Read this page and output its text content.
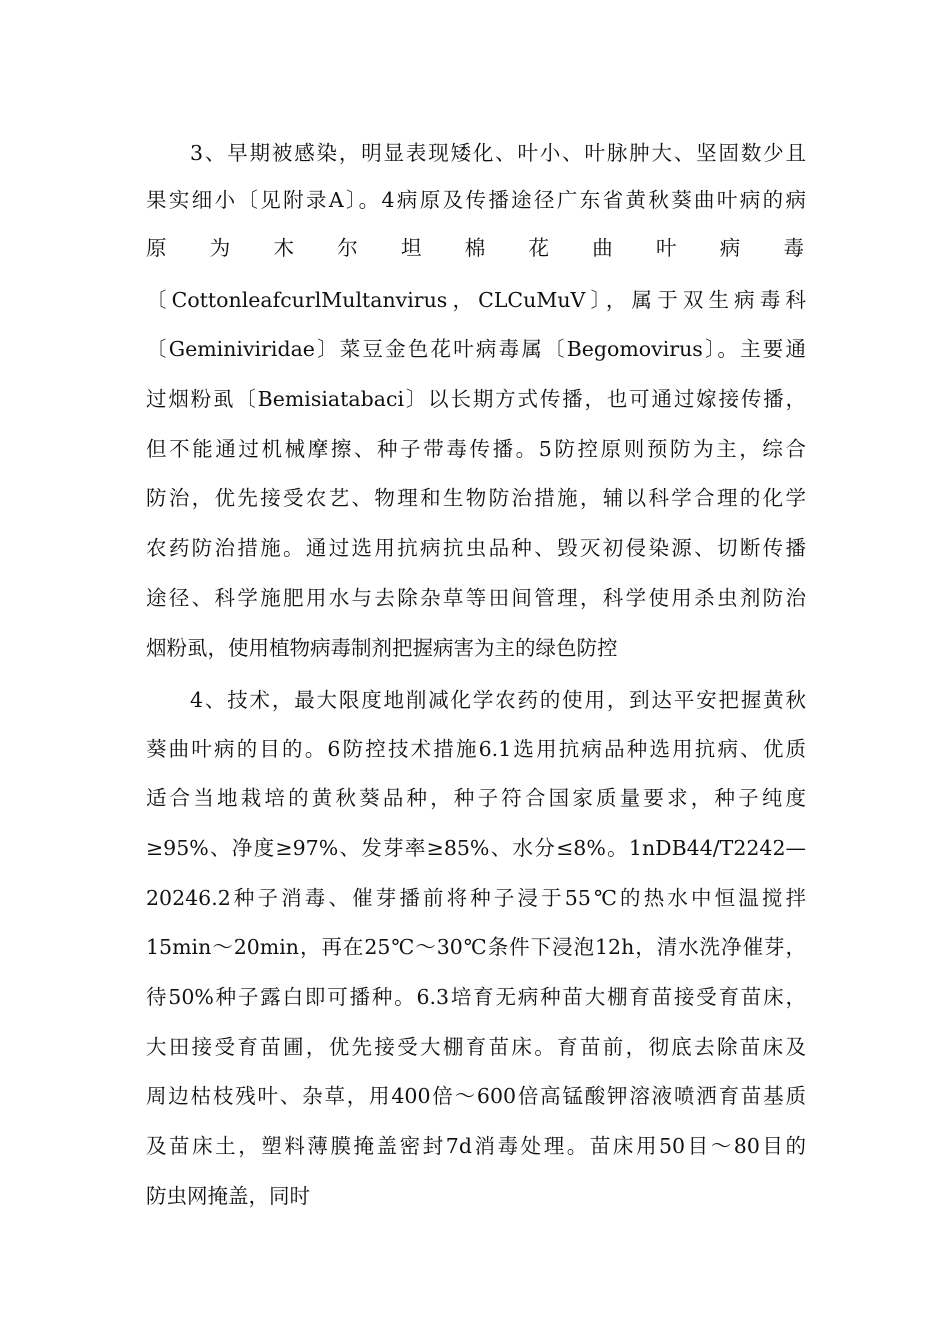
3、早期被感染，明显表现矮化、叶小、叶脉肿大、坚固数少且
果实细小〔见附录A〕。4病原及传播途径广东省黄秋葵曲叶病的病
原为木尔坦棉花曲叶病毒
〔CottonleafcurlMultanvirus，CLCuMuV〕，属于双生病毒科
〔Geminiviridae〕菜豆金色花叶病毒属〔Begomovirus〕。主要通
过烟粉虱〔Bemisiatabaci〕以长期方式传播，也可通过嫁接传播，
但不能通过机械摩擦、种子带毒传播。5防控原则预防为主，综合
防治，优先接受农艺、物理和生物防治措施，辅以科学合理的化学
农药防治措施。通过选用抗病抗虫品种、毁灭初侵染源、切断传播
途径、科学施肥用水与去除杂草等田间管理，科学使用杀虫剂防治
烟粉虱，使用植物病毒制剂把握病害为主的绿色防控
4、技术，最大限度地削减化学农药的使用，到达平安把握黄秋
葵曲叶病的目的。6防控技术措施6.1选用抗病品种选用抗病、优质
适合当地栽培的黄秋葵品种，种子符合国家质量要求，种子纯度
≥95%、净度≥97%、发芽率≥85%、水分≤8%。1nDB44/T2242—
20246.2种子消毒、催芽播前将种子浸于55℃的热水中恒温搅拌
15min～20min，再在25℃～30℃条件下浸泡12h，清水洗净催芽，
待50%种子露白即可播种。6.3培育无病种苗大棚育苗接受育苗床，
大田接受育苗圃，优先接受大棚育苗床。育苗前，彻底去除苗床及
周边枯枝残叶、杂草，用400倍～600倍高锰酸钾溶液喷洒育苗基质
及苗床土，塑料薄膜掩盖密封7d消毒处理。苗床用50目～80目的
防虫网掩盖，同时
